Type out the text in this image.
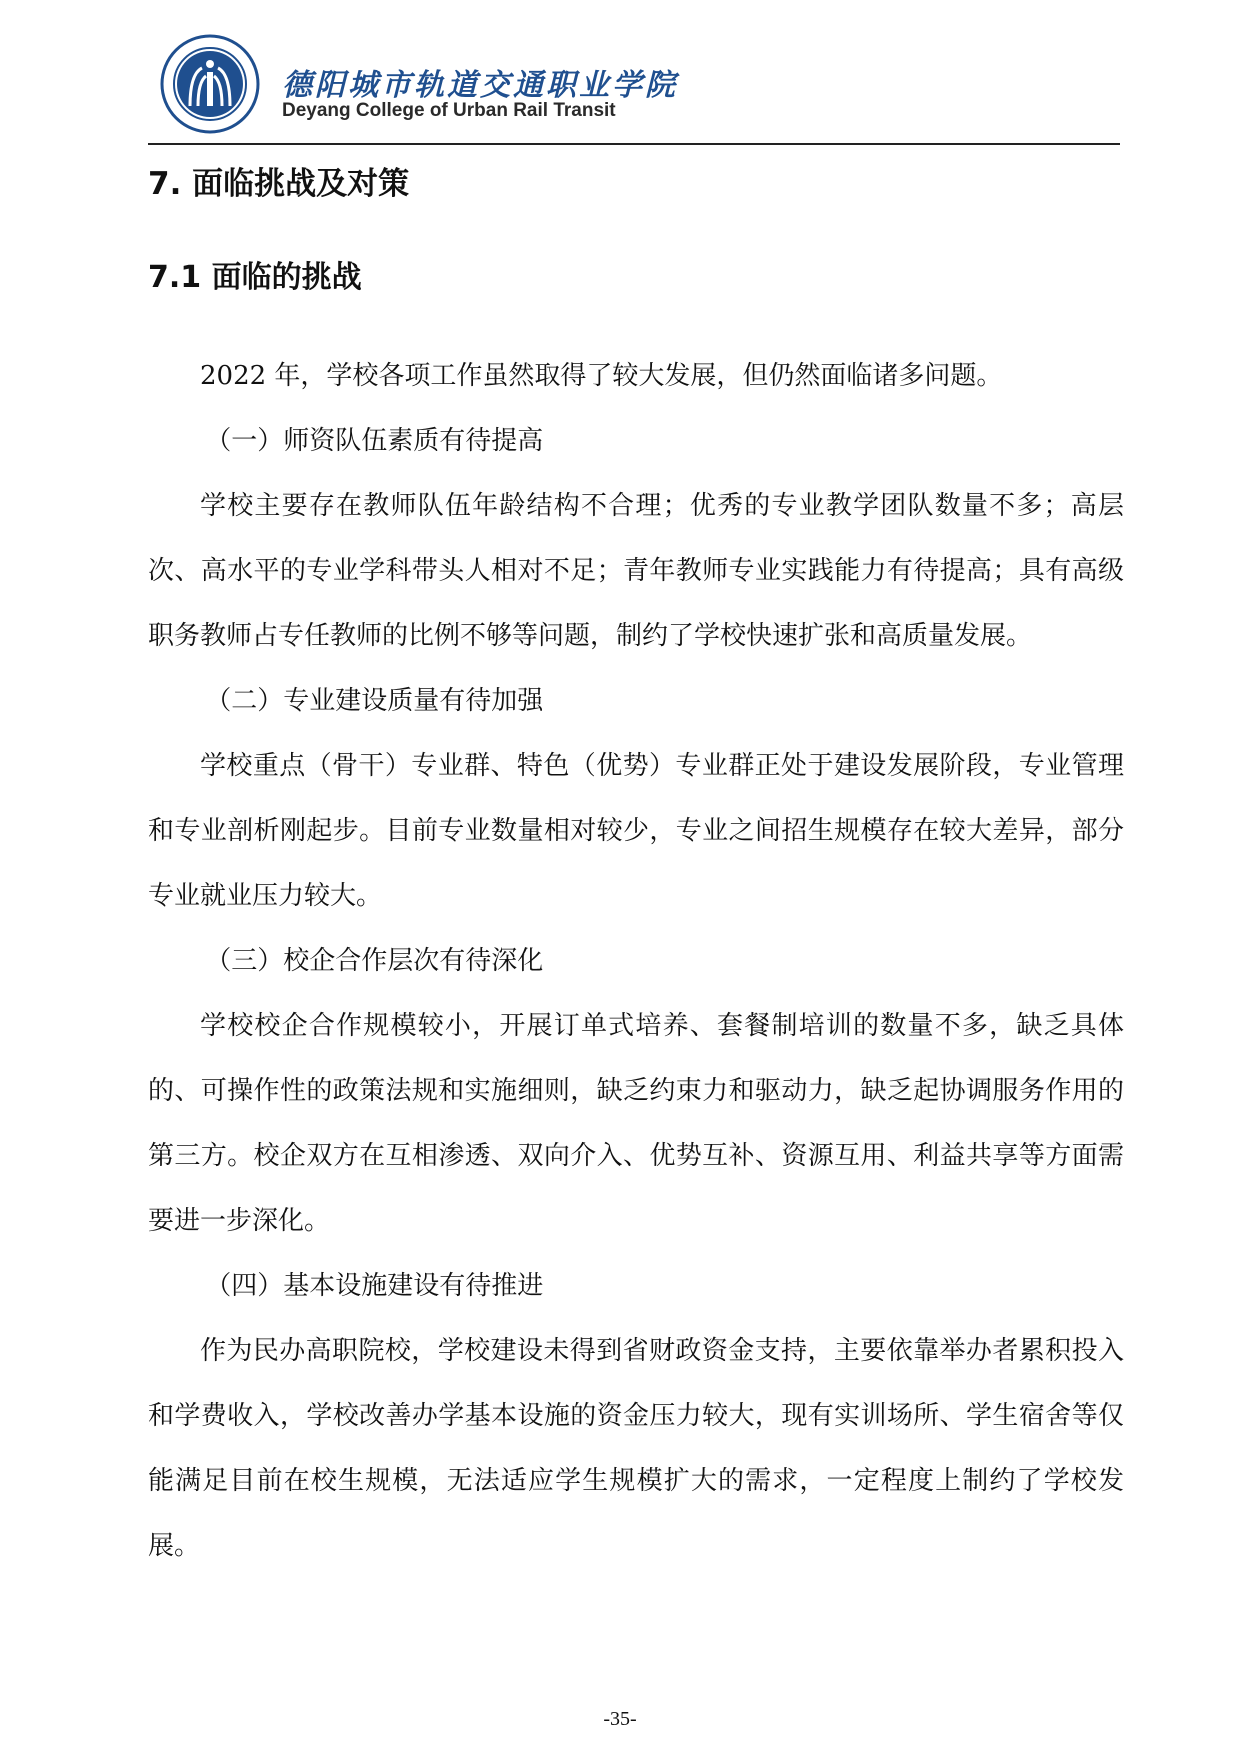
德阳城市轨道交通职业学院
Deyang College of Urban Rail Transit
7. 面临挑战及对策
7.1 面临的挑战

2022 年，学校各项工作虽然取得了较大发展，但仍然面临诸多问题。

（一）师资队伍素质有待提高

学校主要存在教师队伍年龄结构不合理；优秀的专业教学团队数量不多；高层次、高水平的专业学科带头人相对不足；青年教师专业实践能力有待提高；具有高级职务教师占专任教师的比例不够等问题，制约了学校快速扩张和高质量发展。

（二）专业建设质量有待加强

学校重点（骨干）专业群、特色（优势）专业群正处于建设发展阶段，专业管理和专业剖析刚起步。目前专业数量相对较少，专业之间招生规模存在较大差异，部分专业就业压力较大。

（三）校企合作层次有待深化

学校校企合作规模较小，开展订单式培养、套餐制培训的数量不多，缺乏具体的、可操作性的政策法规和实施细则，缺乏约束力和驱动力，缺乏起协调服务作用的第三方。校企双方在互相渗透、双向介入、优势互补、资源互用、利益共享等方面需要进一步深化。

（四）基本设施建设有待推进

作为民办高职院校，学校建设未得到省财政资金支持，主要依靠举办者累积投入和学费收入，学校改善办学基本设施的资金压力较大，现有实训场所、学生宿舍等仅能满足目前在校生规模，无法适应学生规模扩大的需求，一定程度上制约了学校发展。

-35-
